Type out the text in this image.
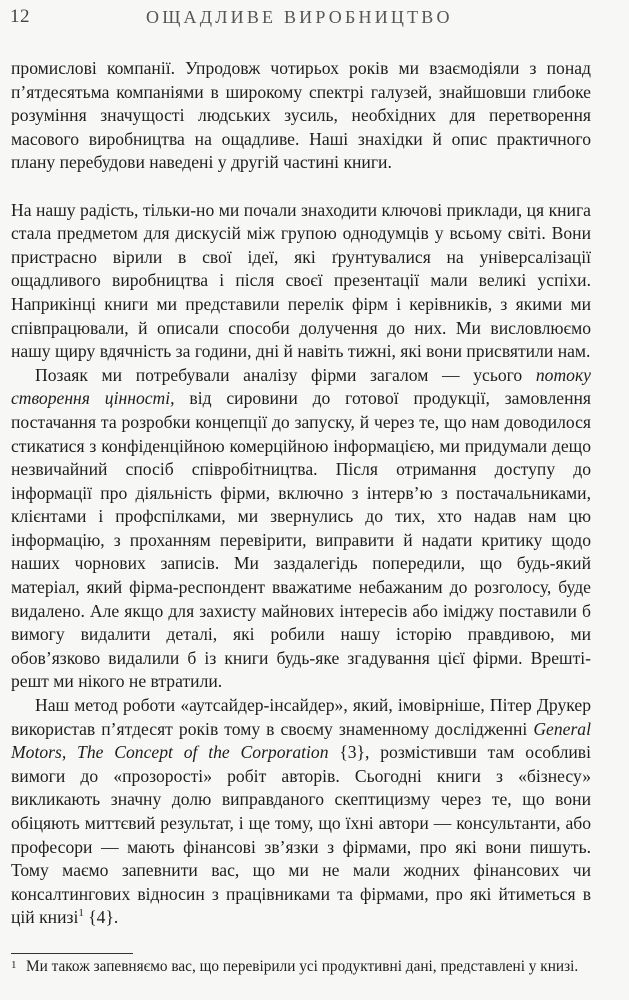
12	ОЩАДЛИВЕ ВИРОБНИЦТВО

промислові компанії. Упродовж чотирьох років ми взаємодіяли з понад п’ятдесятьма компаніями в широкому спектрі галузей, знайшовши глибоке розуміння значущості людських зусиль, необхідних для перетворення масового виробництва на ощадливе. Наші знахідки й опис практичного плану перебудови наведені у другій частині книги.

На нашу радість, тільки-но ми почали знаходити ключові приклади, ця книга стала предметом для дискусій між групою однодумців у всьому світі. Вони пристрасно вірили в свої ідеї, які ґрунтувалися на універсалізації ощадливого виробництва і після своєї презентації мали великі успіхи. Наприкінці книги ми представили перелік фірм і керівників, з якими ми співпрацювали, й описали способи долучення до них. Ми висловлюємо нашу щиру вдячність за години, дні й навіть тижні, які вони присвятили нам.

Позаяк ми потребували аналізу фірми загалом — усього потоку створення цінності, від сировини до готової продукції, замовлення постачання та розробки концепції до запуску, й через те, що нам доводилося стикатися з конфіденційною комерційною інформацією, ми придумали дещо незвичайний спосіб співробітництва. Після отримання доступу до інформації про діяльність фірми, включно з інтерв’ю з постачальниками, клієнтами і профспілками, ми звернулись до тих, хто надав нам цю інформацію, з проханням перевірити, виправити й надати критику щодо наших чорнових записів. Ми заздалегідь попередили, що будь-який матеріал, який фірма-респондент вважатиме небажаним до розголосу, буде видалено. Але якщо для захисту майнових інтересів або іміджу поставили б вимогу видалити деталі, які робили нашу історію правдивою, ми обов’язково видалили б із книги будь-яке згадування цієї фірми. Врешті-решт ми нікого не втратили.

Наш метод роботи «аутсайдер-інсайдер», який, імовірніше, Пітер Друкер використав п’ятдесят років тому в своєму знаменному дослідженні General Motors, The Concept of the Corporation {3}, розмістивши там особливі вимоги до «прозорості» робіт авторів. Сьогодні книги з «бізнесу» викликають значну долю виправданого скептицизму через те, що вони обіцяють миттєвий результат, і ще тому, що їхні автори — консультанти, або професори — мають фінансові зв’язки з фірмами, про які вони пишуть. Тому маємо запевнити вас, що ми не мали жодних фінансових чи консалтингових відносин з працівниками та фірмами, про які йтиметься в цій книзі$^1$ {4}.

1 Ми також запевняємо вас, що перевірили усі продуктивні дані, представлені у книзі.
